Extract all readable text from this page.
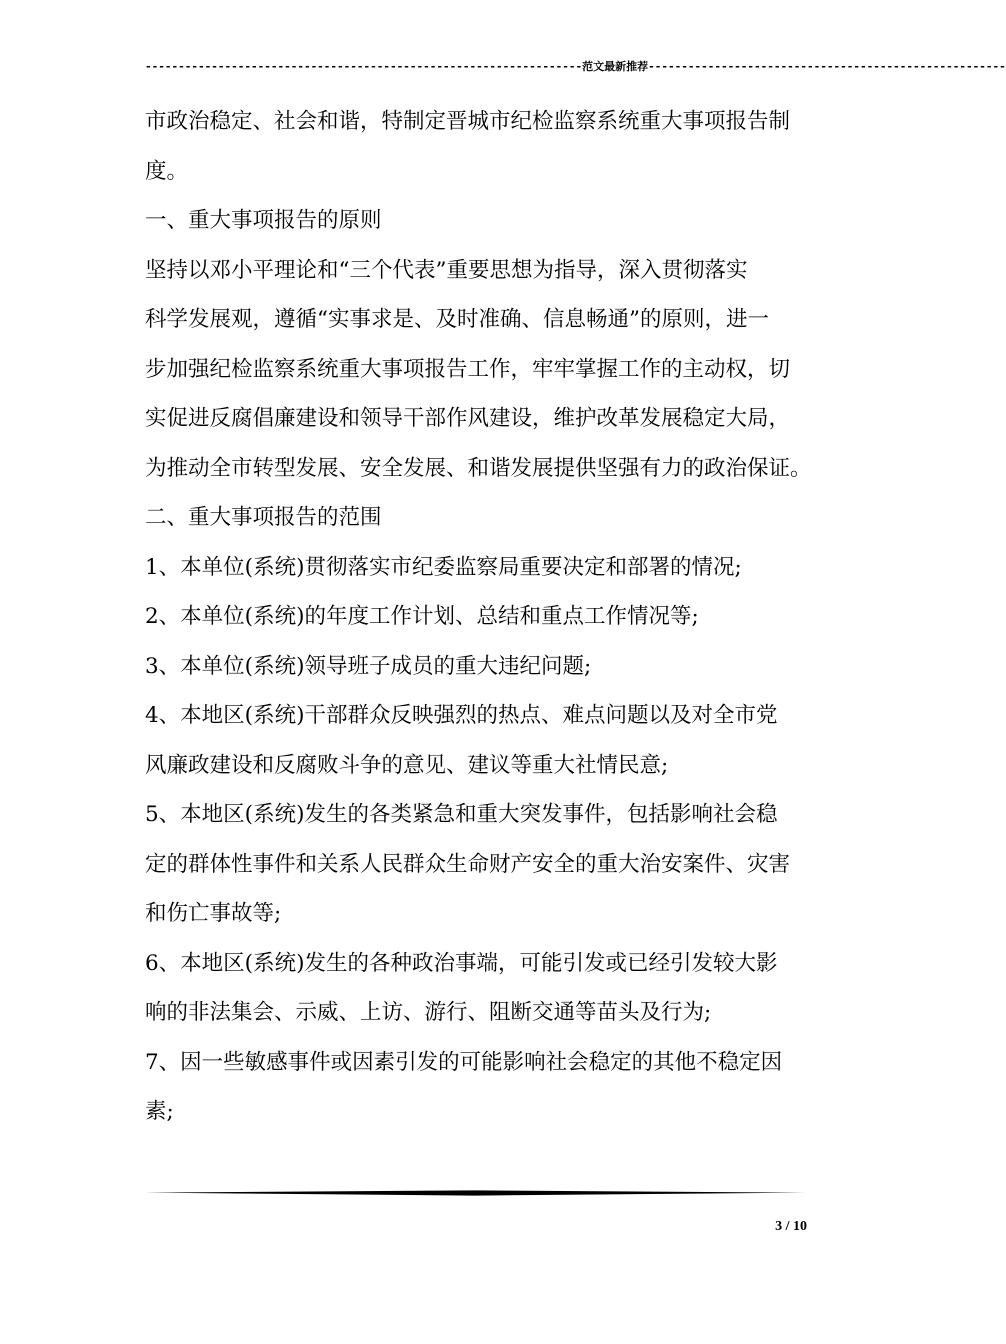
------------------------------------------------------------------范文最新推荐------------------------------------------------------
市政治稳定、社会和谐，特制定晋城市纪检监察系统重大事项报告制
度。
一、重大事项报告的原则
坚持以邓小平理论和“三个代表”重要思想为指导，深入贯彻落实
科学发展观，遵循“实事求是、及时准确、信息畅通”的原则，进一
步加强纪检监察系统重大事项报告工作，牢牢掌握工作的主动权，切
实促进反腐倡廉建设和领导干部作风建设，维护改革发展稳定大局，
为推动全市转型发展、安全发展、和谐发展提供坚强有力的政治保证。
二、重大事项报告的范围
1、本单位(系统)贯彻落实市纪委监察局重要决定和部署的情况;
2、本单位(系统)的年度工作计划、总结和重点工作情况等;
3、本单位(系统)领导班子成员的重大违纪问题;
4、本地区(系统)干部群众反映强烈的热点、难点问题以及对全市党
风廉政建设和反腐败斗争的意见、建议等重大社情民意;
5、本地区(系统)发生的各类紧急和重大突发事件，包括影响社会稳
定的群体性事件和关系人民群众生命财产安全的重大治安案件、灾害
和伤亡事故等;
6、本地区(系统)发生的各种政治事端，可能引发或已经引发较大影
响的非法集会、示威、上访、游行、阻断交通等苗头及行为;
7、因一些敏感事件或因素引发的可能影响社会稳定的其他不稳定因
素;
3 / 10
